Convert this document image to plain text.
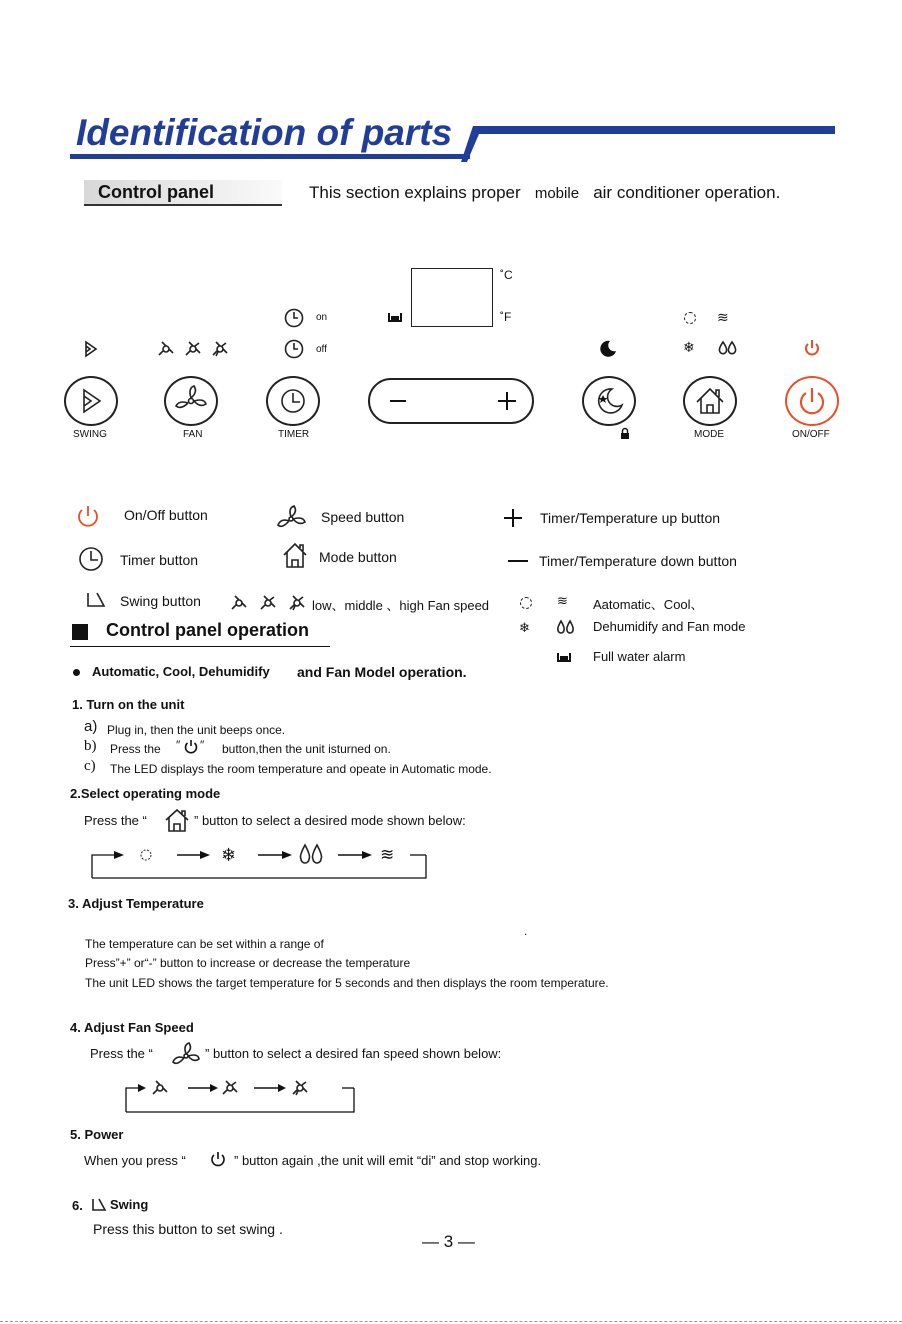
Identification of parts
Control panel	This section explains proper mobile air conditioner operation.
˚C
˚F
on
off
≋
❄
SWING	FAN	TIMER	MODE	ON/OFF
On/Off button	Speed button	Timer/Temperature up button
Timer button	Mode button	Timer/Temperature down button
Swing button	low、middle 、high Fan speed	≋ Aatomatic、Cool、
❄	Dehumidify and Fan mode
Full water alarm
Control panel operation
Automatic, Cool, Dehumidify and Fan Model operation.
1. Turn on the unit
a) Plug in, then the unit beeps once.
b) Press the ″ ″ button,then the unit isturned on.
c) The LED displays the room temperature and opeate in Automatic mode.
2.Select operating mode
Press the “	” button to select a desired mode shown below:
❄	≋
3. Adjust Temperature
.
The temperature can be set within a range of
Press”+” or“-” button to increase or decrease the temperature
The unit LED shows the target temperature for 5 seconds and then displays the room temperature.
4. Adjust Fan Speed
Press the “	” button to select a desired fan speed shown below:
5. Power
When you press “	” button again ,the unit will emit “di” and stop working.
6. Swing
Press this button to set swing .
— 3 —
